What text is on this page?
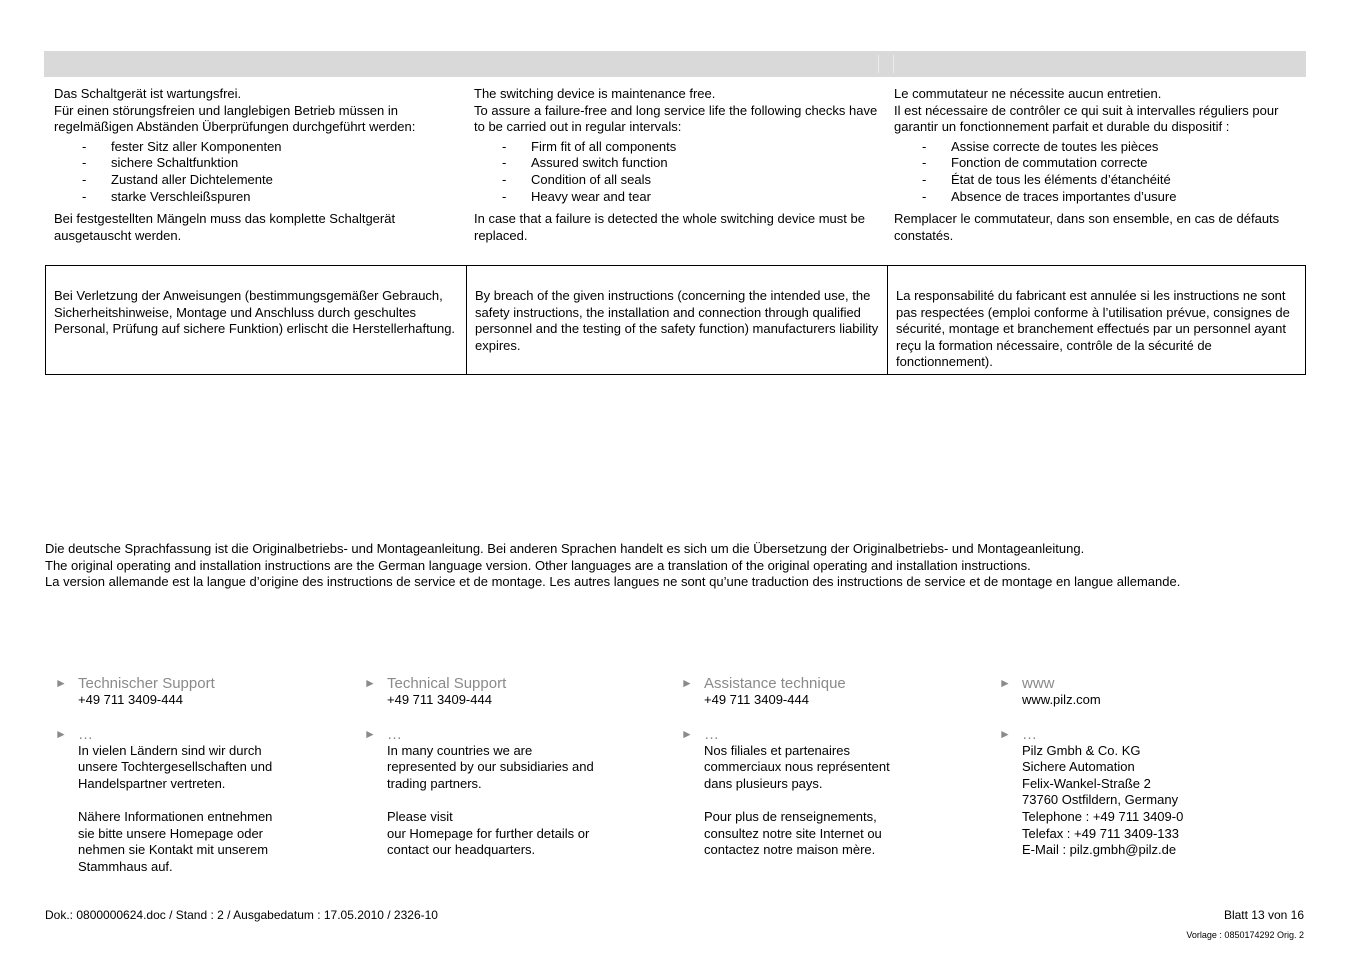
Das Schaltgerät ist wartungsfrei.

Für einen störungsfreien und langlebigen Betrieb müssen in regelmäßigen Abständen Überprüfungen durchgeführt werden:

- fester Sitz aller Komponenten
- sichere Schaltfunktion
- Zustand aller Dichtelemente
- starke Verschleißspuren

Bei festgestellten Mängeln muss das komplette Schaltgerät ausgetauscht werden.

The switching device is maintenance free.

To assure a failure-free and long service life the following checks have to be carried out in regular intervals:

- Firm fit of all components
- Assured switch function
- Condition of all seals
- Heavy wear and tear

In case that a failure is detected the whole switching device must be replaced.

Le commutateur ne nécessite aucun entretien.

Il est nécessaire de contrôler ce qui suit à intervalles réguliers pour garantir un fonctionnement parfait et durable du dispositif :

- Assise correcte de toutes les pièces
- Fonction de commutation correcte
- État de tous les éléments d’étanchéité
- Absence de traces importantes d’usure

Remplacer le commutateur, dans son ensemble, en cas de défauts constatés.

Bei Verletzung der Anweisungen (bestimmungsgemäßer Gebrauch, Sicherheitshinweise, Montage und Anschluss durch geschultes Personal, Prüfung auf sichere Funktion) erlischt die Herstellerhaftung.
By breach of the given instructions (concerning the intended use, the safety instructions, the installation and connection through qualified personnel and the testing of the safety function) manufacturers liability expires.
La responsabilité du fabricant est annulée si les instructions ne sont pas respectées (emploi conforme à l’utilisation prévue, consignes de sécurité, montage et branchement effectués par un personnel ayant reçu la formation nécessaire, contrôle de la sécurité de fonctionnement).

Die deutsche Sprachfassung ist die Originalbetriebs- und Montageanleitung. Bei anderen Sprachen handelt es sich um die Übersetzung der Originalbetriebs- und Montageanleitung.

The original operating and installation instructions are the German language version. Other languages are a translation of the original operating and installation instructions.

La version allemande est la langue d’origine des instructions de service et de montage. Les autres langues ne sont qu’une traduction des instructions de service et de montage en langue allemande.

► Technischer Support

+49 711 3409-444

► …

In vielen Ländern sind wir durch

unsere Tochtergesellschaften und

Handelspartner vertreten.

Nähere Informationen entnehmen

sie bitte unsere Homepage oder

nehmen sie Kontakt mit unserem

Stammhaus auf.

► Technical Support

+49 711 3409-444

► …

In many countries we are

represented by our subsidiaries and

trading partners.

Please visit

our Homepage for further details or

contact our headquarters.

► Assistance technique

+49 711 3409-444

► …

Nos filiales et partenaires

commerciaux nous représentent

dans plusieurs pays.

Pour plus de renseignements,

consultez notre site Internet ou

contactez notre maison mère.

► www

www.pilz.com

► …

Pilz Gmbh & Co. KG

Sichere Automation

Felix-Wankel-Straße 2

73760 Ostfildern, Germany

Telephone : +49 711 3409-0

Telefax : +49 711 3409-133

E-Mail : pilz.gmbh@pilz.de

Dok.: 0800000624.doc / Stand : 2 / Ausgabedatum : 17.05.2010 / 2326-10	Blatt 13 von 16
Vorlage : 0850174292 Orig. 2
